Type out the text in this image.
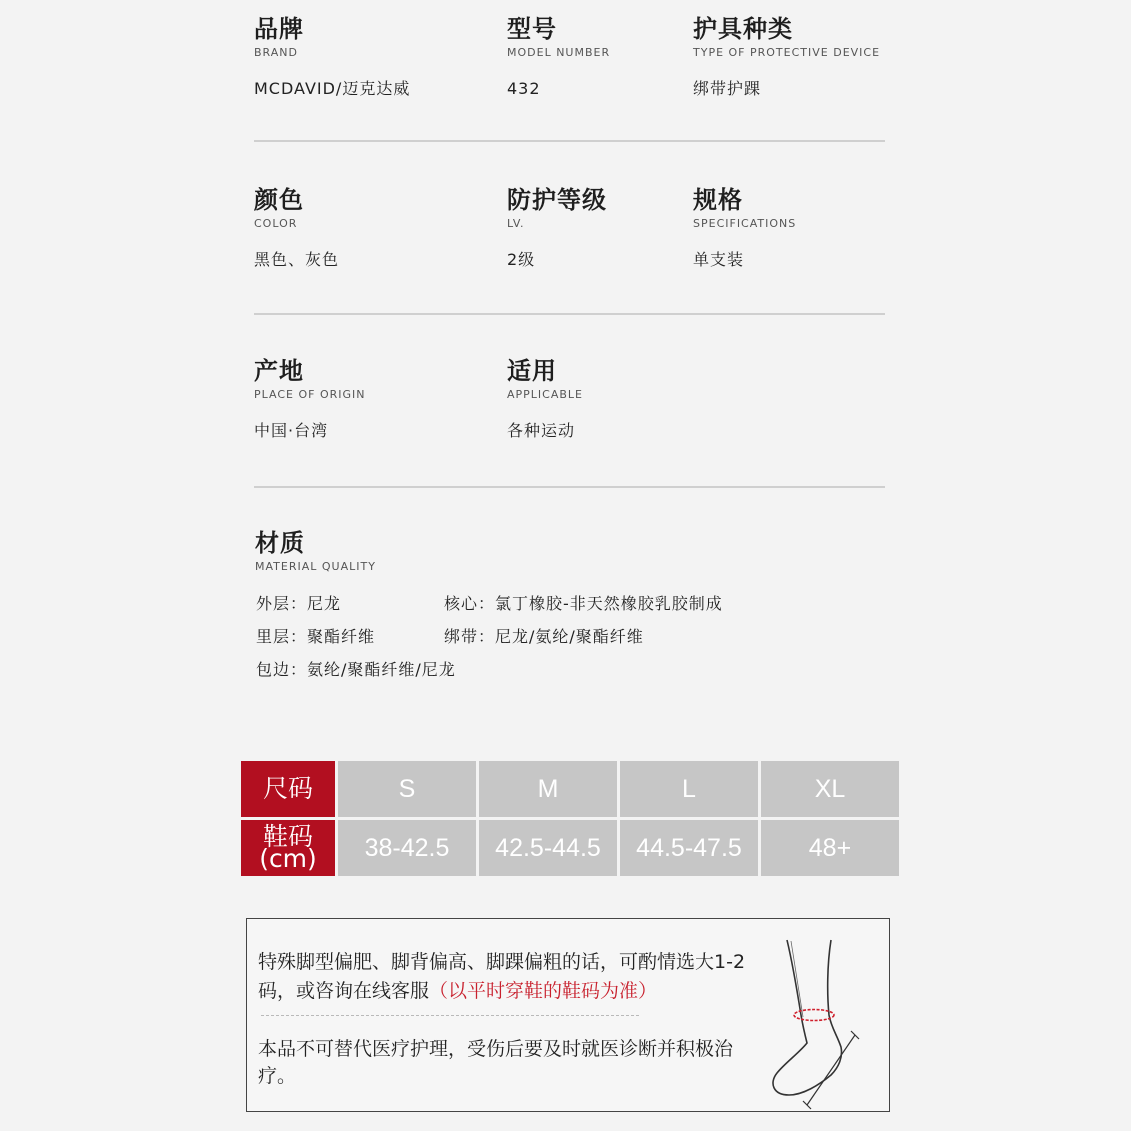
品牌
BRAND
MCDAVID/迈克达威
型号
MODEL NUMBER
432
护具种类
TYPE OF PROTECTIVE DEVICE
绑带护踝
颜色
COLOR
黑色、灰色
防护等级
LV.
2级
规格
SPECIFICATIONS
单支装
产地
PLACE OF ORIGIN
中国·台湾
适用
APPLICABLE
各种运动
材质
MATERIAL QUALITY
外层：尼龙	核心：氯丁橡胶-非天然橡胶乳胶制成
里层：聚酯纤维	绑带：尼龙/氨纶/聚酯纤维
包边：氨纶/聚酯纤维/尼龙
尺码	S	M	L	XL

鞋码
(cm)	38-42.5	42.5-44.5	44.5-47.5	48+
特殊脚型偏肥、脚背偏高、脚踝偏粗的话，可酌情选大1-2码，或咨询在线客服（以平时穿鞋的鞋码为准）
本品不可替代医疗护理，受伤后要及时就医诊断并积极治疗。
